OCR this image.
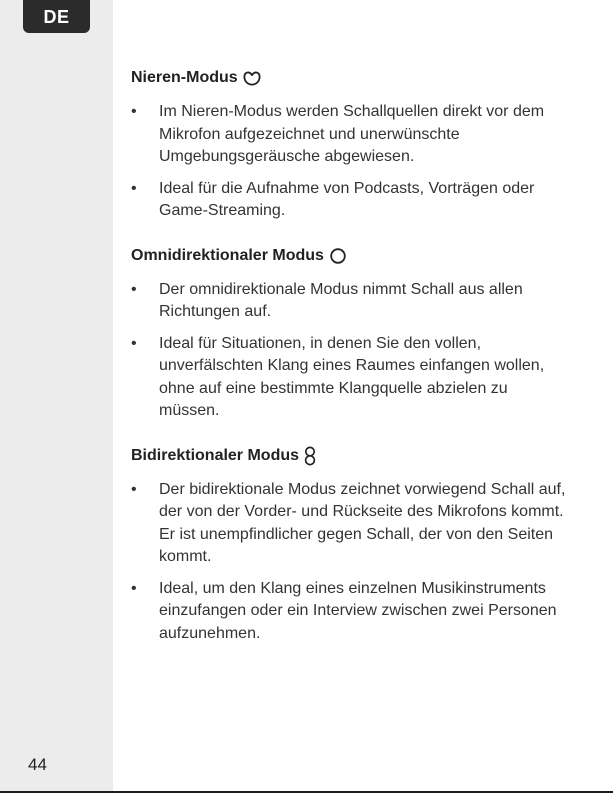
DE
Nieren-Modus
•	Im Nieren-Modus werden Schallquellen direkt vor dem Mikrofon aufgezeichnet und unerwünschte Umgebungsgeräusche abgewiesen.
•	Ideal für die Aufnahme von Podcasts, Vorträgen oder Game-Streaming.
Omnidirektionaler Modus
•	Der omnidirektionale Modus nimmt Schall aus allen Richtungen auf.
•	Ideal für Situationen, in denen Sie den vollen, unverfälschten Klang eines Raumes einfangen wollen, ohne auf eine bestimmte Klangquelle abzielen zu müssen.
Bidirektionaler Modus
•	Der bidirektionale Modus zeichnet vorwiegend Schall auf, der von der Vorder- und Rückseite des Mikrofons kommt. Er ist unempfindlicher gegen Schall, der von den Seiten kommt.
•	Ideal, um den Klang eines einzelnen Musikinstruments einzufangen oder ein Interview zwischen zwei Personen aufzunehmen.
44
